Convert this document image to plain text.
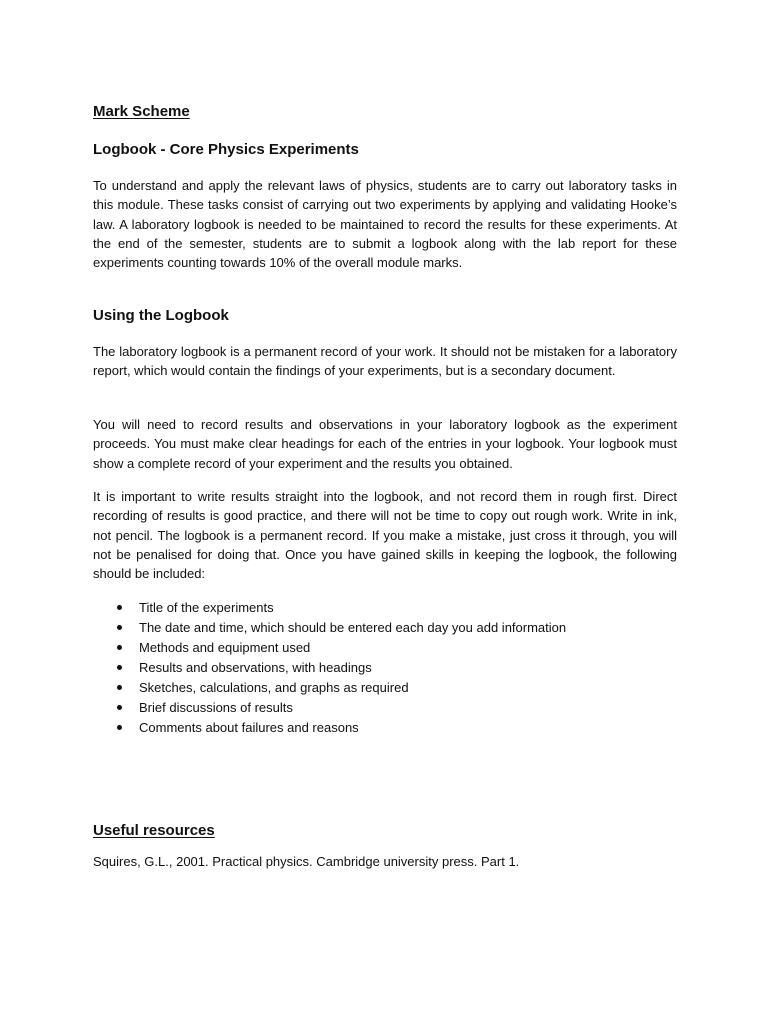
Mark Scheme
Logbook - Core Physics Experiments
To understand and apply the relevant laws of physics, students are to carry out laboratory tasks in this module. These tasks consist of carrying out two experiments by applying and validating Hooke’s law. A laboratory logbook is needed to be maintained to record the results for these experiments. At the end of the semester, students are to submit a logbook along with the lab report for these experiments counting towards 10% of the overall module marks.
Using the Logbook
The laboratory logbook is a permanent record of your work. It should not be mistaken for a laboratory report, which would contain the findings of your experiments, but is a secondary document.
You will need to record results and observations in your laboratory logbook as the experiment proceeds. You must make clear headings for each of the entries in your logbook. Your logbook must show a complete record of your experiment and the results you obtained.
It is important to write results straight into the logbook, and not record them in rough first. Direct recording of results is good practice, and there will not be time to copy out rough work. Write in ink, not pencil. The logbook is a permanent record. If you make a mistake, just cross it through, you will not be penalised for doing that. Once you have gained skills in keeping the logbook, the following should be included:
Title of the experiments
The date and time, which should be entered each day you add information
Methods and equipment used
Results and observations, with headings
Sketches, calculations, and graphs as required
Brief discussions of results
Comments about failures and reasons
Useful resources
Squires, G.L., 2001. Practical physics. Cambridge university press. Part 1.
